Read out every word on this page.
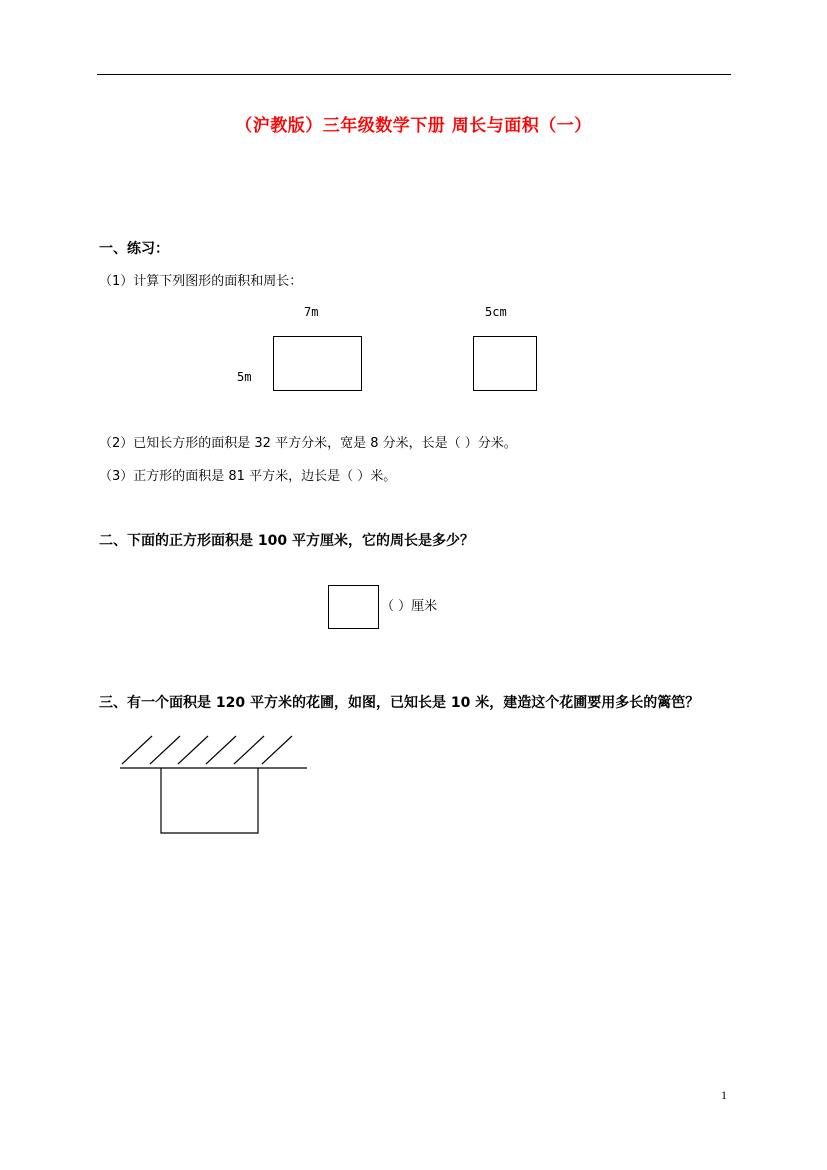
（沪教版）三年级数学下册 周长与面积（一）
一、练习：
（1）计算下列图形的面积和周长：
7m
5m
5cm
（2）已知长方形的面积是 32 平方分米，宽是 8 分米，长是（ ）分米。
（3）正方形的面积是 81 平方米，边长是（ ）米。
二、下面的正方形面积是 100 平方厘米，它的周长是多少？
（ ）厘米
三、有一个面积是 120 平方米的花圃，如图，已知长是 10 米，建造这个花圃要用多长的篱笆？
1
